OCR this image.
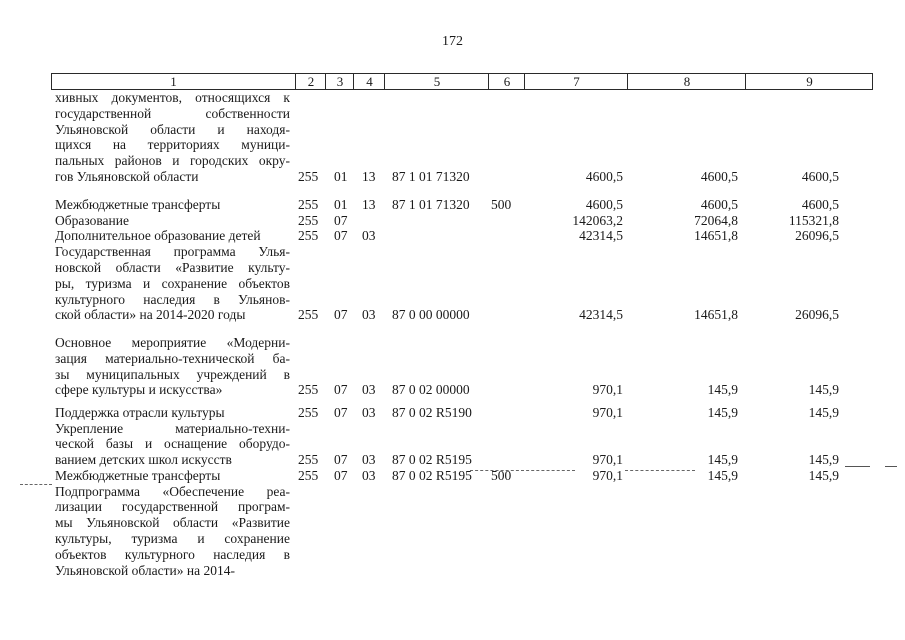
172
1	2	3	4	5	6	7	8	9
хивных документов, относящихся к
государственной собственности
Ульяновской области и находя-
щихся на территориях муници-
пальных районов и городских окру-
гов Ульяновской области	255 01 13 87 1 01 71320	4600,5	4600,5	4600,5
Межбюджетные трансферты	255 01 13 87 1 01 71320 500	4600,5	4600,5	4600,5
Образование	255 07	142063,2	72064,8	115321,8
Дополнительное образование детей	255 07 03	42314,5	14651,8	26096,5
Государственная программа Улья-
новской области «Развитие культу-
ры, туризма и сохранение объектов
культурного наследия в Ульянов-
ской области» на 2014-2020 годы	255 07 03 87 0 00 00000	42314,5	14651,8	26096,5
Основное мероприятие «Модерни-
зация материально-технической ба-
зы муниципальных учреждений в
сфере культуры и искусства»	255 07 03 87 0 02 00000	970,1	145,9	145,9
Поддержка отрасли культуры	255 07 03 87 0 02 R5190	970,1	145,9	145,9
Укрепление материально-техни-
ческой базы и оснащение оборудо-
ванием детских школ искусств	255 07 03 87 0 02 R5195	970,1	145,9	145,9
Межбюджетные трансферты	255 07 03 87 0 02 R5195 500	970,1	145,9	145,9
Подпрограмма «Обеспечение реа-
лизации государственной програм-
мы Ульяновской области «Развитие
культуры, туризма и сохранение
объектов культурного наследия в
Ульяновской области» на 2014-
